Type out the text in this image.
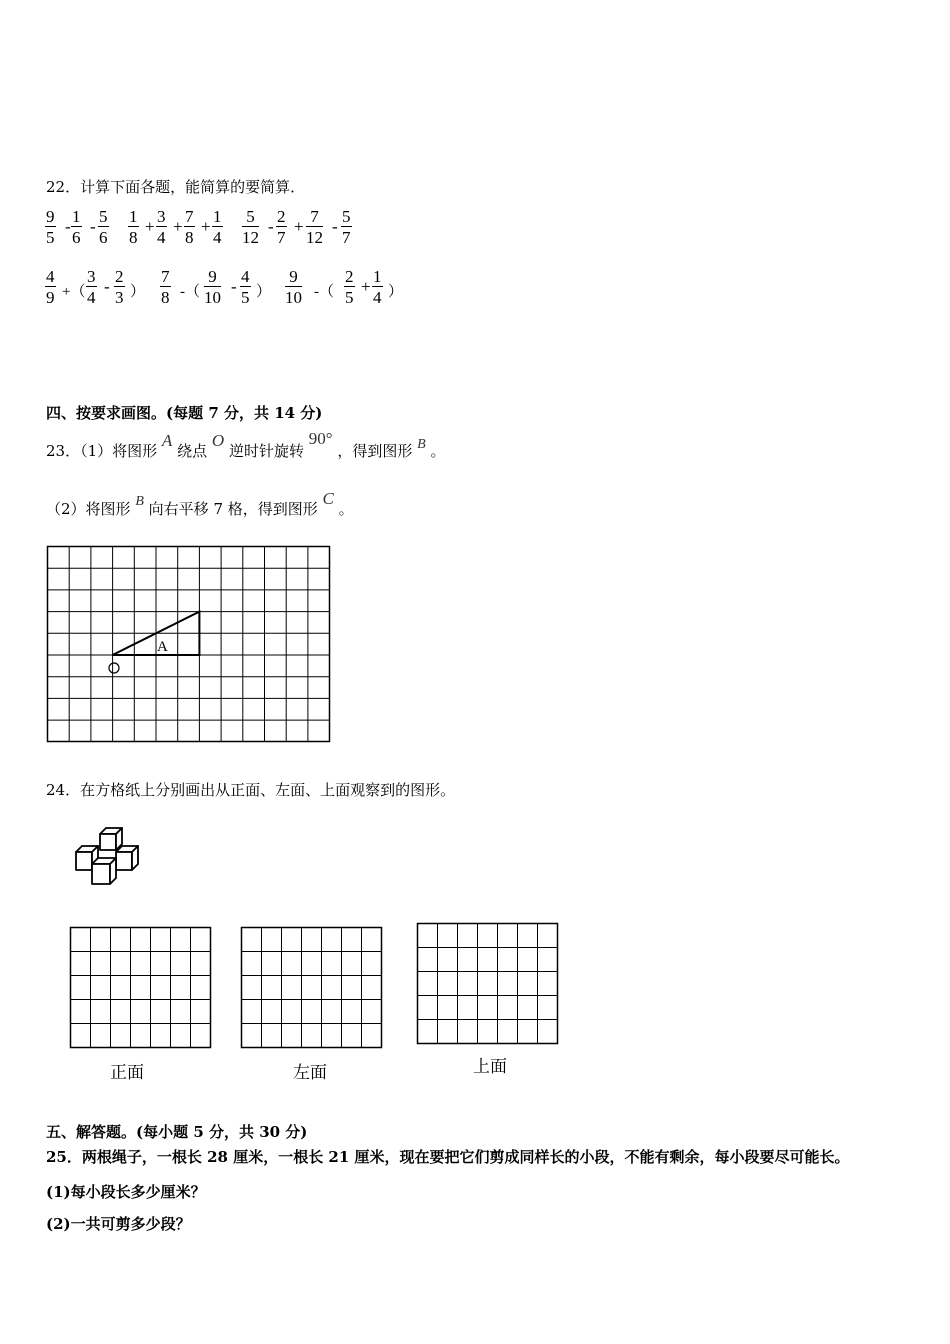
22．计算下面各题，能简算的要简算．
$\frac{9}{5} - \frac{1}{6} - \frac{5}{6} \frac{1}{8} + \frac{3}{4} + \frac{7}{8} + \frac{1}{4} \frac{5}{12} - \frac{2}{7} + \frac{7}{12} - \frac{5}{7}$
$\frac{4}{9}$ +（ $\frac{3}{4} - \frac{2}{3}$ ） $\frac{7}{8}$ -（ $\frac{9}{10} - \frac{4}{5}$ ） $\frac{9}{10}$ -（ $\frac{2}{5} + \frac{1}{4}$ ）
四、按要求画图。(每题 7 分，共 14 分)
23．（1）将图形 A 绕点 O 逆时针旋转 90° ，得到图形 B 。
（2）将图形 B 向右平移 7 格，得到图形 C 。
A
24．在方格纸上分别画出从正面、左面、上面观察到的图形。
正面	左面	上面
五、解答题。(每小题 5 分，共 30 分)
25．两根绳子，一根长 28 厘米，一根长 21 厘米，现在要把它们剪成同样长的小段，不能有剩余，每小段要尽可能长。
(1)每小段长多少厘米？
(2)一共可剪多少段？
